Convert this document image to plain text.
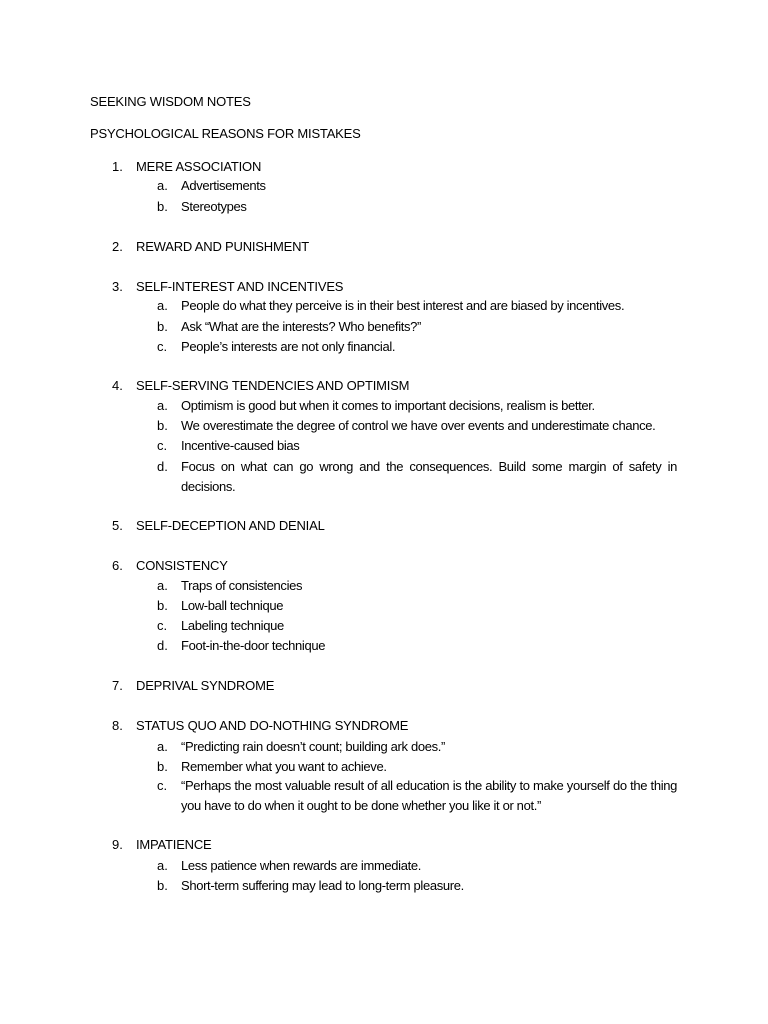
SEEKING WISDOM NOTES
PSYCHOLOGICAL REASONS FOR MISTAKES
1. MERE ASSOCIATION
a. Advertisements
b. Stereotypes
2. REWARD AND PUNISHMENT
3. SELF-INTEREST AND INCENTIVES
a. People do what they perceive is in their best interest and are biased by incentives.
b. Ask “What are the interests? Who benefits?”
c. People’s interests are not only financial.
4. SELF-SERVING TENDENCIES AND OPTIMISM
a. Optimism is good but when it comes to important decisions, realism is better.
b. We overestimate the degree of control we have over events and underestimate chance.
c. Incentive-caused bias
d. Focus on what can go wrong and the consequences. Build some margin of safety in decisions.
5. SELF-DECEPTION AND DENIAL
6. CONSISTENCY
a. Traps of consistencies
b. Low-ball technique
c. Labeling technique
d. Foot-in-the-door technique
7. DEPRIVAL SYNDROME
8. STATUS QUO AND DO-NOTHING SYNDROME
a. “Predicting rain doesn’t count; building ark does.”
b. Remember what you want to achieve.
c. “Perhaps the most valuable result of all education is the ability to make yourself do the thing you have to do when it ought to be done whether you like it or not.”
9. IMPATIENCE
a. Less patience when rewards are immediate.
b. Short-term suffering may lead to long-term pleasure.
